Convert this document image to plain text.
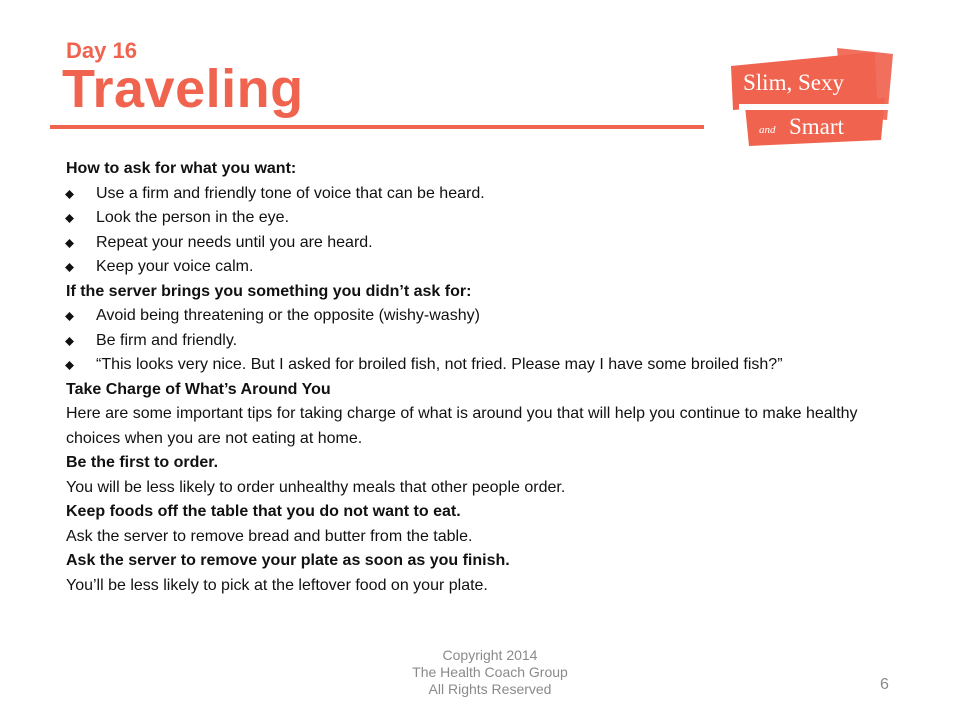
Day 16
Traveling	Slim, Sexy
and Smart

How to ask for what you want:

Use a firm and friendly tone of voice that can be heard.
Look the person in the eye.
Repeat your needs until you are heard.
Keep your voice calm.

If the server brings you something you didn’t ask for:

Avoid being threatening or the opposite (wishy-washy)
Be firm and friendly.
“This looks very nice. But I asked for broiled fish, not fried. Please may I have some broiled fish?”

Take Charge of What’s Around You

Here are some important tips for taking charge of what is around you that will help you continue to make healthy choices when you are not eating at home.

Be the first to order.

You will be less likely to order unhealthy meals that other people order.

Keep foods off the table that you do not want to eat.

Ask the server to remove bread and butter from the table.

Ask the server to remove your plate as soon as you finish.

You’ll be less likely to pick at the leftover food on your plate.

Copyright 2014
The Health Coach Group
All Rights Reserved	6
